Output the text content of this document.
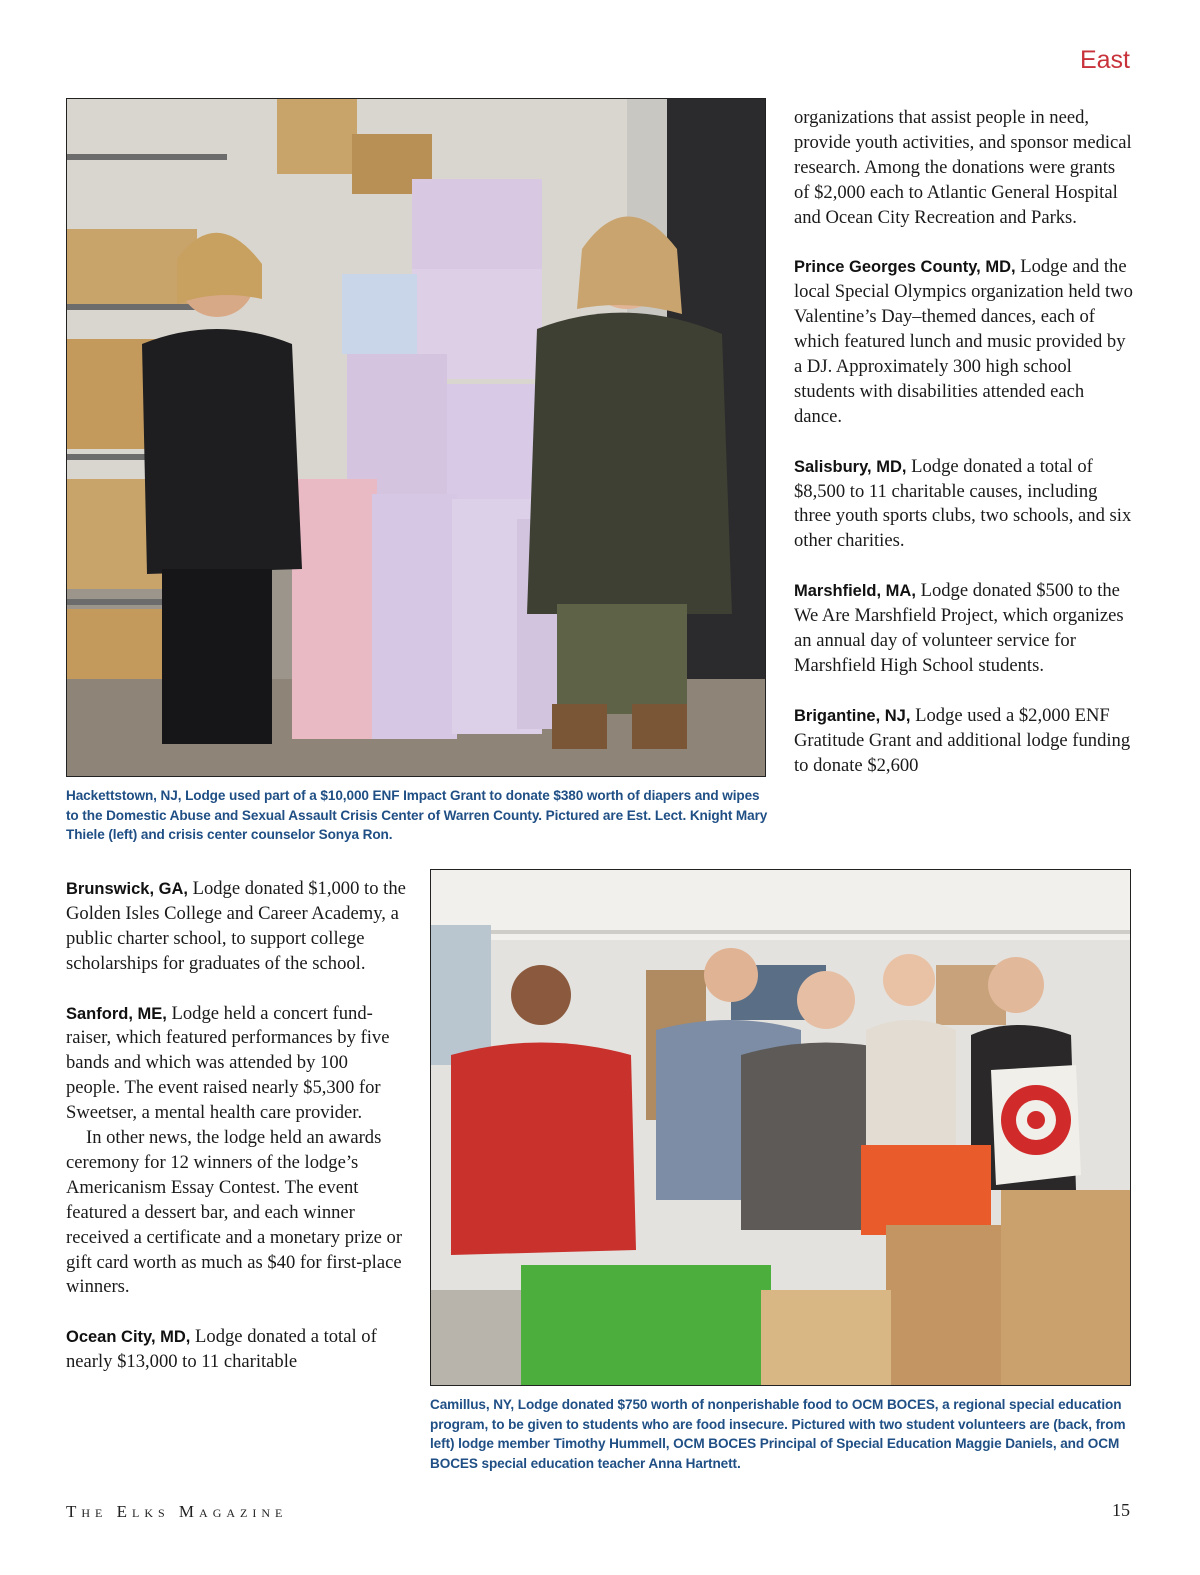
East
Hackettstown, NJ, Lodge used part of a $10,000 ENF Impact Grant to donate $380 worth of diapers and wipes to the Domestic Abuse and Sexual Assault Crisis Center of Warren County. Pictured are Est. Lect. Knight Mary Thiele (left) and crisis center counselor Sonya Ron.

organizations that assist people in need, provide youth activities, and sponsor medical research. Among the donations were grants of $2,000 each to Atlantic General Hospital and Ocean City Recreation and Parks.

Prince Georges County, MD, Lodge and the local Special Olympics organization held two Valentine’s Day–themed dances, each of which featured lunch and music provided by a DJ. Approximately 300 high school students with disabilities attended each dance.

Salisbury, MD, Lodge donated a total of $8,500 to 11 charitable causes, including three youth sports clubs, two schools, and six other charities.

Marshfield, MA, Lodge donated $500 to the We Are Marshfield Project, which organizes an annual day of volunteer service for Marshfield High School students.

Brigantine, NJ, Lodge used a $2,000 ENF Gratitude Grant and additional lodge funding to donate $2,600

Brunswick, GA, Lodge donated $1,000 to the Golden Isles College and Career Academy, a public charter school, to support college scholarships for graduates of the school.

Sanford, ME, Lodge held a concert fund-raiser, which featured performances by five bands and which was attended by 100 people. The event raised nearly $5,300 for Sweetser, a mental health care provider.

In other news, the lodge held an awards ceremony for 12 winners of the lodge’s Americanism Essay Contest. The event featured a dessert bar, and each winner received a certificate and a monetary prize or gift card worth as much as $40 for first-place winners.

Ocean City, MD, Lodge donated a total of nearly $13,000 to 11 charitable

Camillus, NY, Lodge donated $750 worth of nonperishable food to OCM BOCES, a regional special education program, to be given to students who are food insecure. Pictured with two student volunteers are (back, from left) lodge member Timothy Hummell, OCM BOCES Principal of Special Education Maggie Daniels, and OCM BOCES special education teacher Anna Hartnett.
The Elks Magazine	15
